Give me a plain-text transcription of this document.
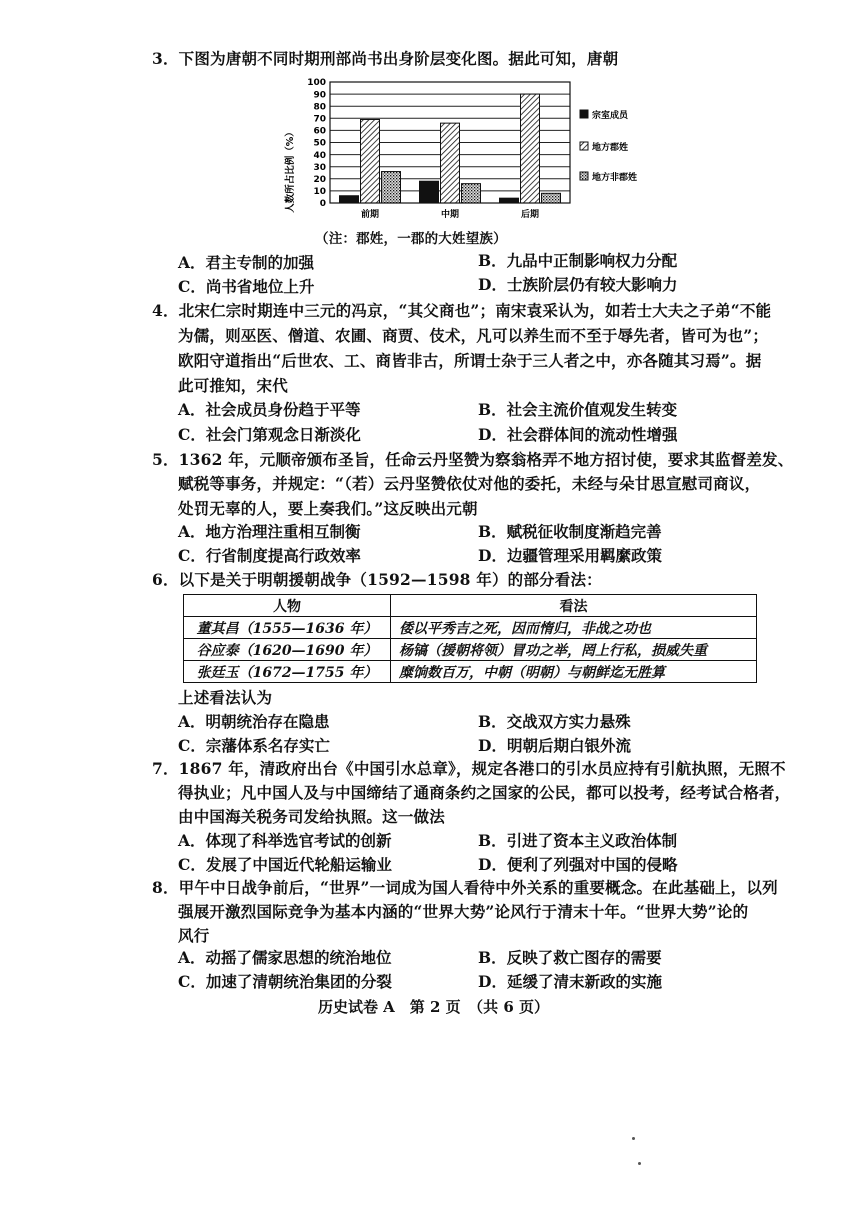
3．下图为唐朝不同时期刑部尚书出身阶层变化图。据此可知，唐朝
0
10
20
30
40
50
60
70
80
90
100
前期	中期	后期
宗室成员
地方郡姓
地方非郡姓
人数所占比例（%）
（注：郡姓，一郡的大姓望族）
A．君主专制的加强	B．九品中正制影响权力分配
C．尚书省地位上升	D．士族阶层仍有较大影响力
4．北宋仁宗时期连中三元的冯京，“其父商也”；南宋袁采认为，如若士大夫之子弟“不能
为儒，则巫医、僧道、农圃、商贾、伎术，凡可以养生而不至于辱先者，皆可为也”；
欧阳守道指出“后世农、工、商皆非古，所谓士杂于三人者之中，亦各随其习焉”。据
此可推知，宋代
A．社会成员身份趋于平等	B．社会主流价值观发生转变
C．社会门第观念日渐淡化	D．社会群体间的流动性增强
5．1362 年，元顺帝颁布圣旨，任命云丹坚赞为察翁格弄不地方招讨使，要求其监督差发、
赋税等事务，并规定：“（若）云丹坚赞依仗对他的委托，未经与朵甘思宣慰司商议，
处罚无辜的人，要上奏我们。”这反映出元朝
A．地方治理注重相互制衡	B．赋税征收制度渐趋完善
C．行省制度提高行政效率	D．边疆管理采用羁縻政策
6．以下是关于明朝援朝战争（1592—1598 年）的部分看法：
人物	看法
董其昌（1555—1636 年）	倭以平秀吉之死，因而惰归，非战之功也
谷应泰（1620—1690 年）	杨镐（援朝将领）冒功之举，罔上行私，损威失重
张廷玉（1672—1755 年）	糜饷数百万，中朝（明朝）与朝鲜迄无胜算
上述看法认为
A．明朝统治存在隐患	B．交战双方实力悬殊
C．宗藩体系名存实亡	D．明朝后期白银外流
7．1867 年，清政府出台《中国引水总章》，规定各港口的引水员应持有引航执照，无照不
得执业；凡中国人及与中国缔结了通商条约之国家的公民，都可以投考，经考试合格者，
由中国海关税务司发给执照。这一做法
A．体现了科举选官考试的创新	B．引进了资本主义政治体制
C．发展了中国近代轮船运输业	D．便利了列强对中国的侵略
8．甲午中日战争前后，“世界”一词成为国人看待中外关系的重要概念。在此基础上，以列
强展开激烈国际竞争为基本内涵的“世界大势”论风行于清末十年。“世界大势”论的
风行
A．动摇了儒家思想的统治地位	B．反映了救亡图存的需要
C．加速了清朝统治集团的分裂	D．延缓了清末新政的实施
历史试卷 A　第 2 页　（共 6 页）
